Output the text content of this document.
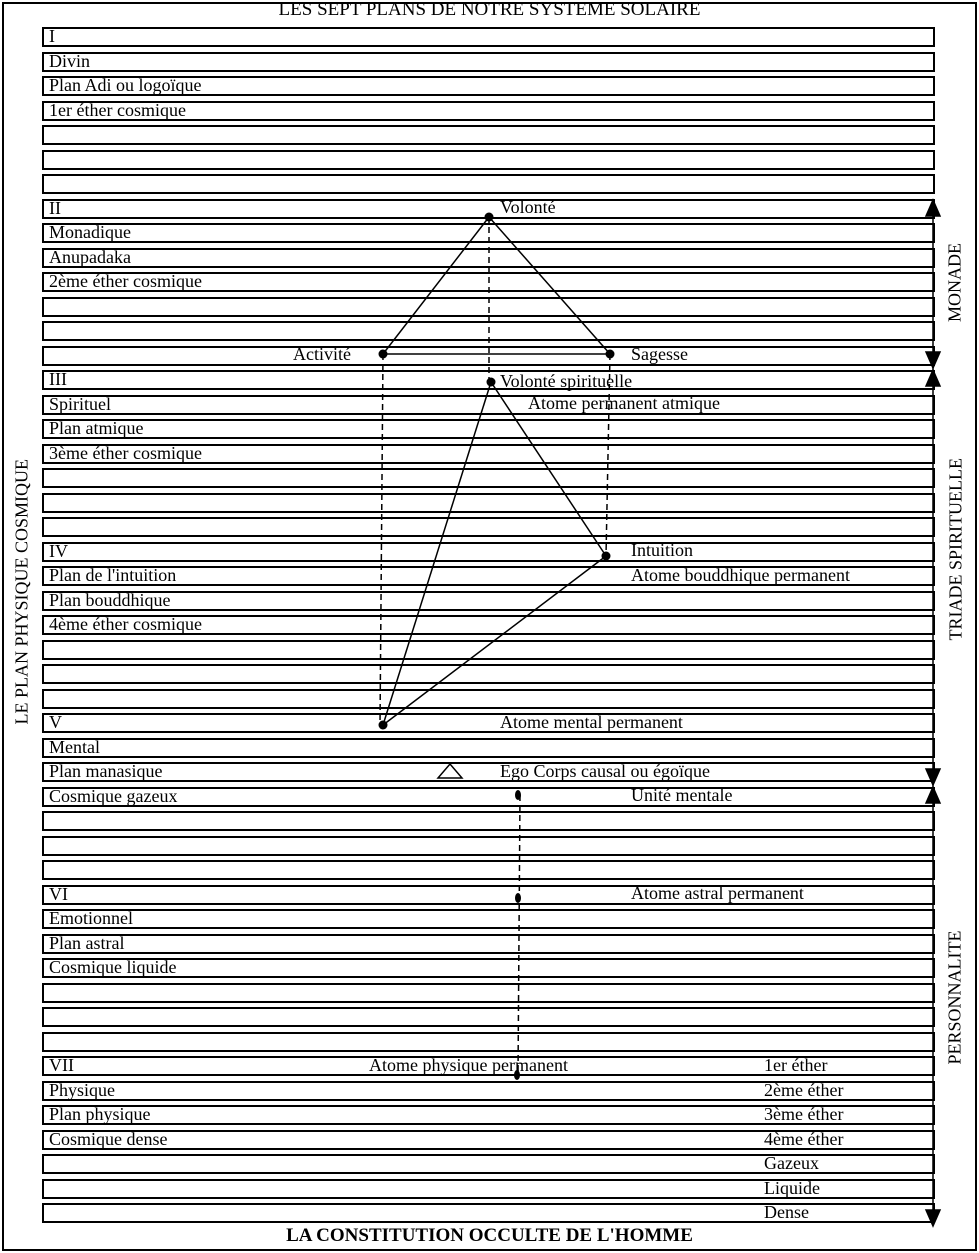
LES SEPT PLANS DE NOTRE SYSTEME SOLAIRE
I
Divin
Plan Adi ou logoïque
1er éther cosmique
II
Monadique
Anupadaka
2ème éther cosmique
III
Spirituel
Plan atmique
3ème éther cosmique
IV
Plan de l'intuition
Plan bouddhique
4ème éther cosmique
V
Mental
Plan manasique
Cosmique gazeux
VI
Emotionnel
Plan astral
Cosmique liquide
VII	1er éther
Physique	2ème éther
Plan physique	3ème éther
Cosmique dense	4ème éther
Gazeux
Liquide
Dense
Volonté
Activité	Sagesse
Volonté spirituelle
Atome permanent atmique
Intuition
Atome bouddhique permanent
Atome mental permanent
Ego Corps causal ou égoïque
Unité mentale
Atome astral permanent
Atome physique permanent
LE PLAN PHYSIQUE COSMIQUE
MONADE
TRIADE SPIRITUELLE
PERSONNALITE
LA CONSTITUTION OCCULTE DE L'HOMME
